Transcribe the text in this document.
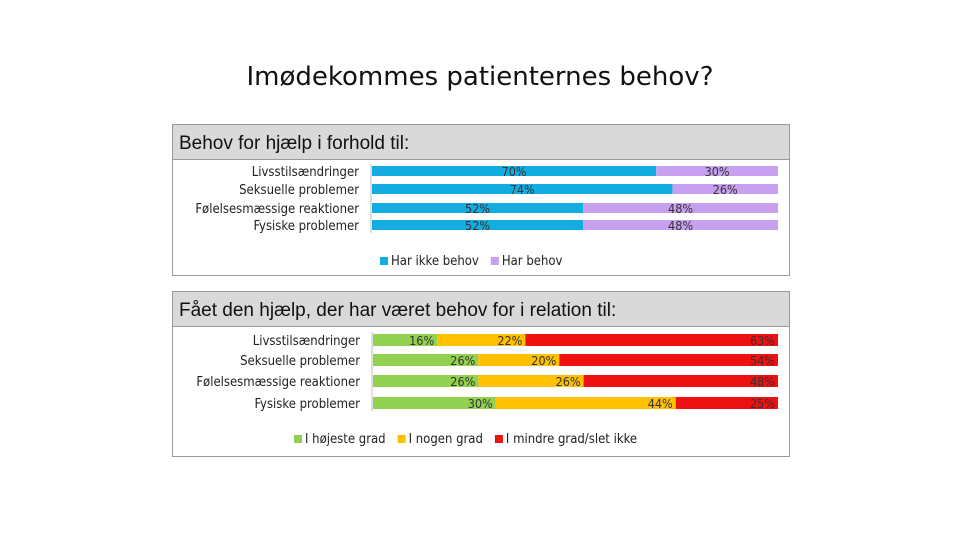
Imødekommes patienternes behov?
Behov for hjælp i forhold til:
Livsstilsændringer	70%	30%
Seksuelle problemer	74%	26%
Følelsesmæssige reaktioner	52%	48%
Fysiske problemer	52%	48%
Har ikke behov Har behov
Fået den hjælp, der har været behov for i relation til:
Livsstilsændringer	16%	22%	63%
Seksuelle problemer	26%	20%	54%
Følelsesmæssige reaktioner	26%	26%	48%
Fysiske problemer	30%	44%	25%
I højeste grad I nogen grad I mindre grad/slet ikke
